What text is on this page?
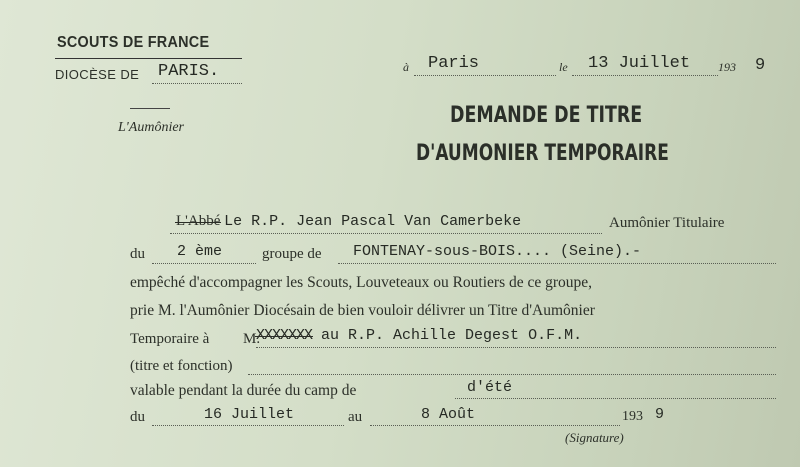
SCOUTS DE FRANCE
DIOCÈSE DE PARIS.
L'Aumônier
à Paris	le 13 Juillet 193 9
DEMANDE DE TITRE
D'AUMONIER TEMPORAIRE
L'Abbé Le R.P. Jean Pascal Van Camerbeke	Aumônier Titulaire
du 2 ème	groupe de FONTENAY-sous-BOIS.... (Seine).-
empêché d'accompagner les Scouts, Louveteaux ou Routiers de ce groupe,
prie M. l'Aumônier Diocésain de bien vouloir délivrer un Titre d'Aumônier
Temporaire à M.
XXXXXXX au R.P. Achille Degest O.F.M.
(titre et fonction)
valable pendant la durée du camp de	d'été
du	16 Juillet	au	8 Août	193 9
(Signature)
